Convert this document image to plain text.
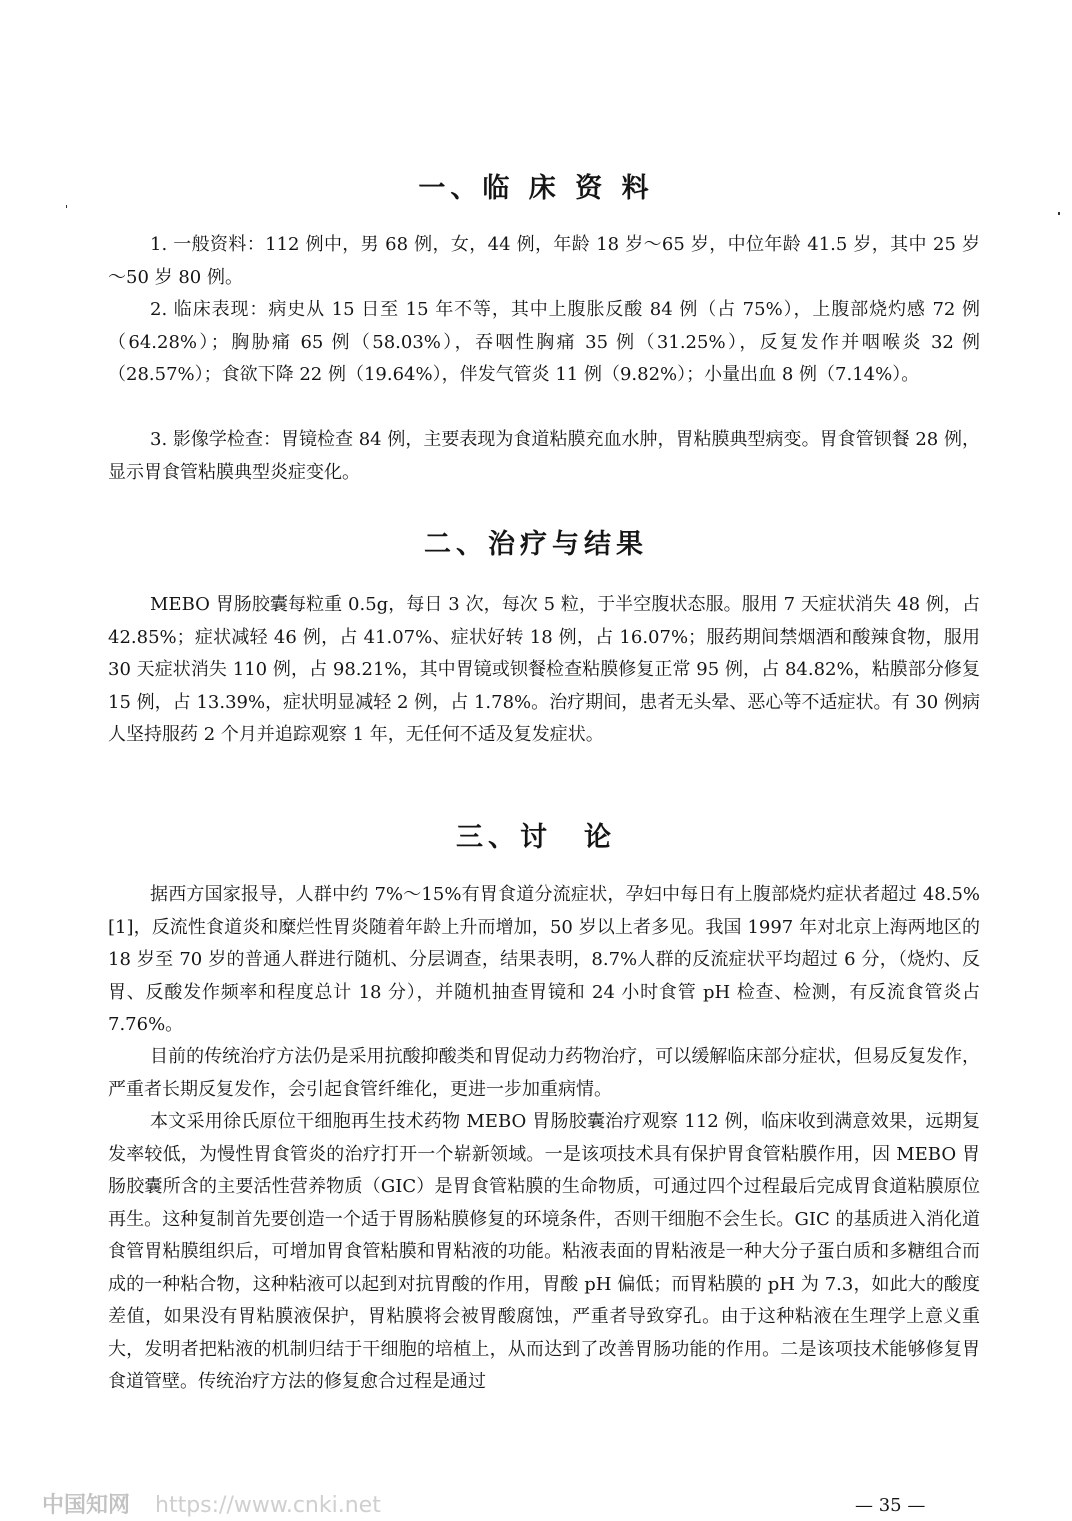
一、临 床 资 料

1. 一般资料：112 例中，男 68 例，女，44 例，年龄 18 岁～65 岁，中位年龄 41.5 岁，其中 25 岁～50 岁 80 例。

2. 临床表现：病史从 15 日至 15 年不等，其中上腹胀反酸 84 例（占 75%），上腹部烧灼感 72 例（64.28%）；胸胁痛 65 例（58.03%），吞咽性胸痛 35 例（31.25%），反复发作并咽喉炎 32 例（28.57%）；食欲下降 22 例（19.64%），伴发气管炎 11 例（9.82%）；小量出血 8 例（7.14%）。

3. 影像学检查：胃镜检查 84 例，主要表现为食道粘膜充血水肿，胃粘膜典型病变。胃食管钡餐 28 例，显示胃食管粘膜典型炎症变化。

二、治疗与结果

MEBO 胃肠胶囊每粒重 0.5g，每日 3 次，每次 5 粒，于半空腹状态服。服用 7 天症状消失 48 例，占 42.85%；症状减轻 46 例，占 41.07%、症状好转 18 例，占 16.07%；服药期间禁烟酒和酸辣食物，服用 30 天症状消失 110 例，占 98.21%，其中胃镜或钡餐检查粘膜修复正常 95 例，占 84.82%，粘膜部分修复 15 例，占 13.39%，症状明显减轻 2 例，占 1.78%。治疗期间，患者无头晕、恶心等不适症状。有 30 例病人坚持服药 2 个月并追踪观察 1 年，无任何不适及复发症状。

三、讨　论

据西方国家报导，人群中约 7%～15%有胃食道分流症状，孕妇中每日有上腹部烧灼症状者超过 48.5%[1]，反流性食道炎和糜烂性胃炎随着年龄上升而增加，50 岁以上者多见。我国 1997 年对北京上海两地区的 18 岁至 70 岁的普通人群进行随机、分层调查，结果表明，8.7%人群的反流症状平均超过 6 分，（烧灼、反胃、反酸发作频率和程度总计 18 分），并随机抽查胃镜和 24 小时食管 pH 检查、检测，有反流食管炎占 7.76%。

目前的传统治疗方法仍是采用抗酸抑酸类和胃促动力药物治疗，可以缓解临床部分症状，但易反复发作，严重者长期反复发作，会引起食管纤维化，更进一步加重病情。

本文采用徐氏原位干细胞再生技术药物 MEBO 胃肠胶囊治疗观察 112 例，临床收到满意效果，远期复发率较低，为慢性胃食管炎的治疗打开一个崭新领域。一是该项技术具有保护胃食管粘膜作用，因 MEBO 胃肠胶囊所含的主要活性营养物质（GIC）是胃食管粘膜的生命物质，可通过四个过程最后完成胃食道粘膜原位再生。这种复制首先要创造一个适于胃肠粘膜修复的环境条件，否则干细胞不会生长。GIC 的基质进入消化道食管胃粘膜组织后，可增加胃食管粘膜和胃粘液的功能。粘液表面的胃粘液是一种大分子蛋白质和多糖组合而成的一种粘合物，这种粘液可以起到对抗胃酸的作用，胃酸 pH 偏低；而胃粘膜的 pH 为 7.3，如此大的酸度差值，如果没有胃粘膜液保护，胃粘膜将会被胃酸腐蚀，严重者导致穿孔。由于这种粘液在生理学上意义重大，发明者把粘液的机制归结于干细胞的培植上，从而达到了改善胃肠功能的作用。二是该项技术能够修复胃食道管壁。传统治疗方法的修复愈合过程是通过

— 35 —

中国知网 https://www.cnki.net
